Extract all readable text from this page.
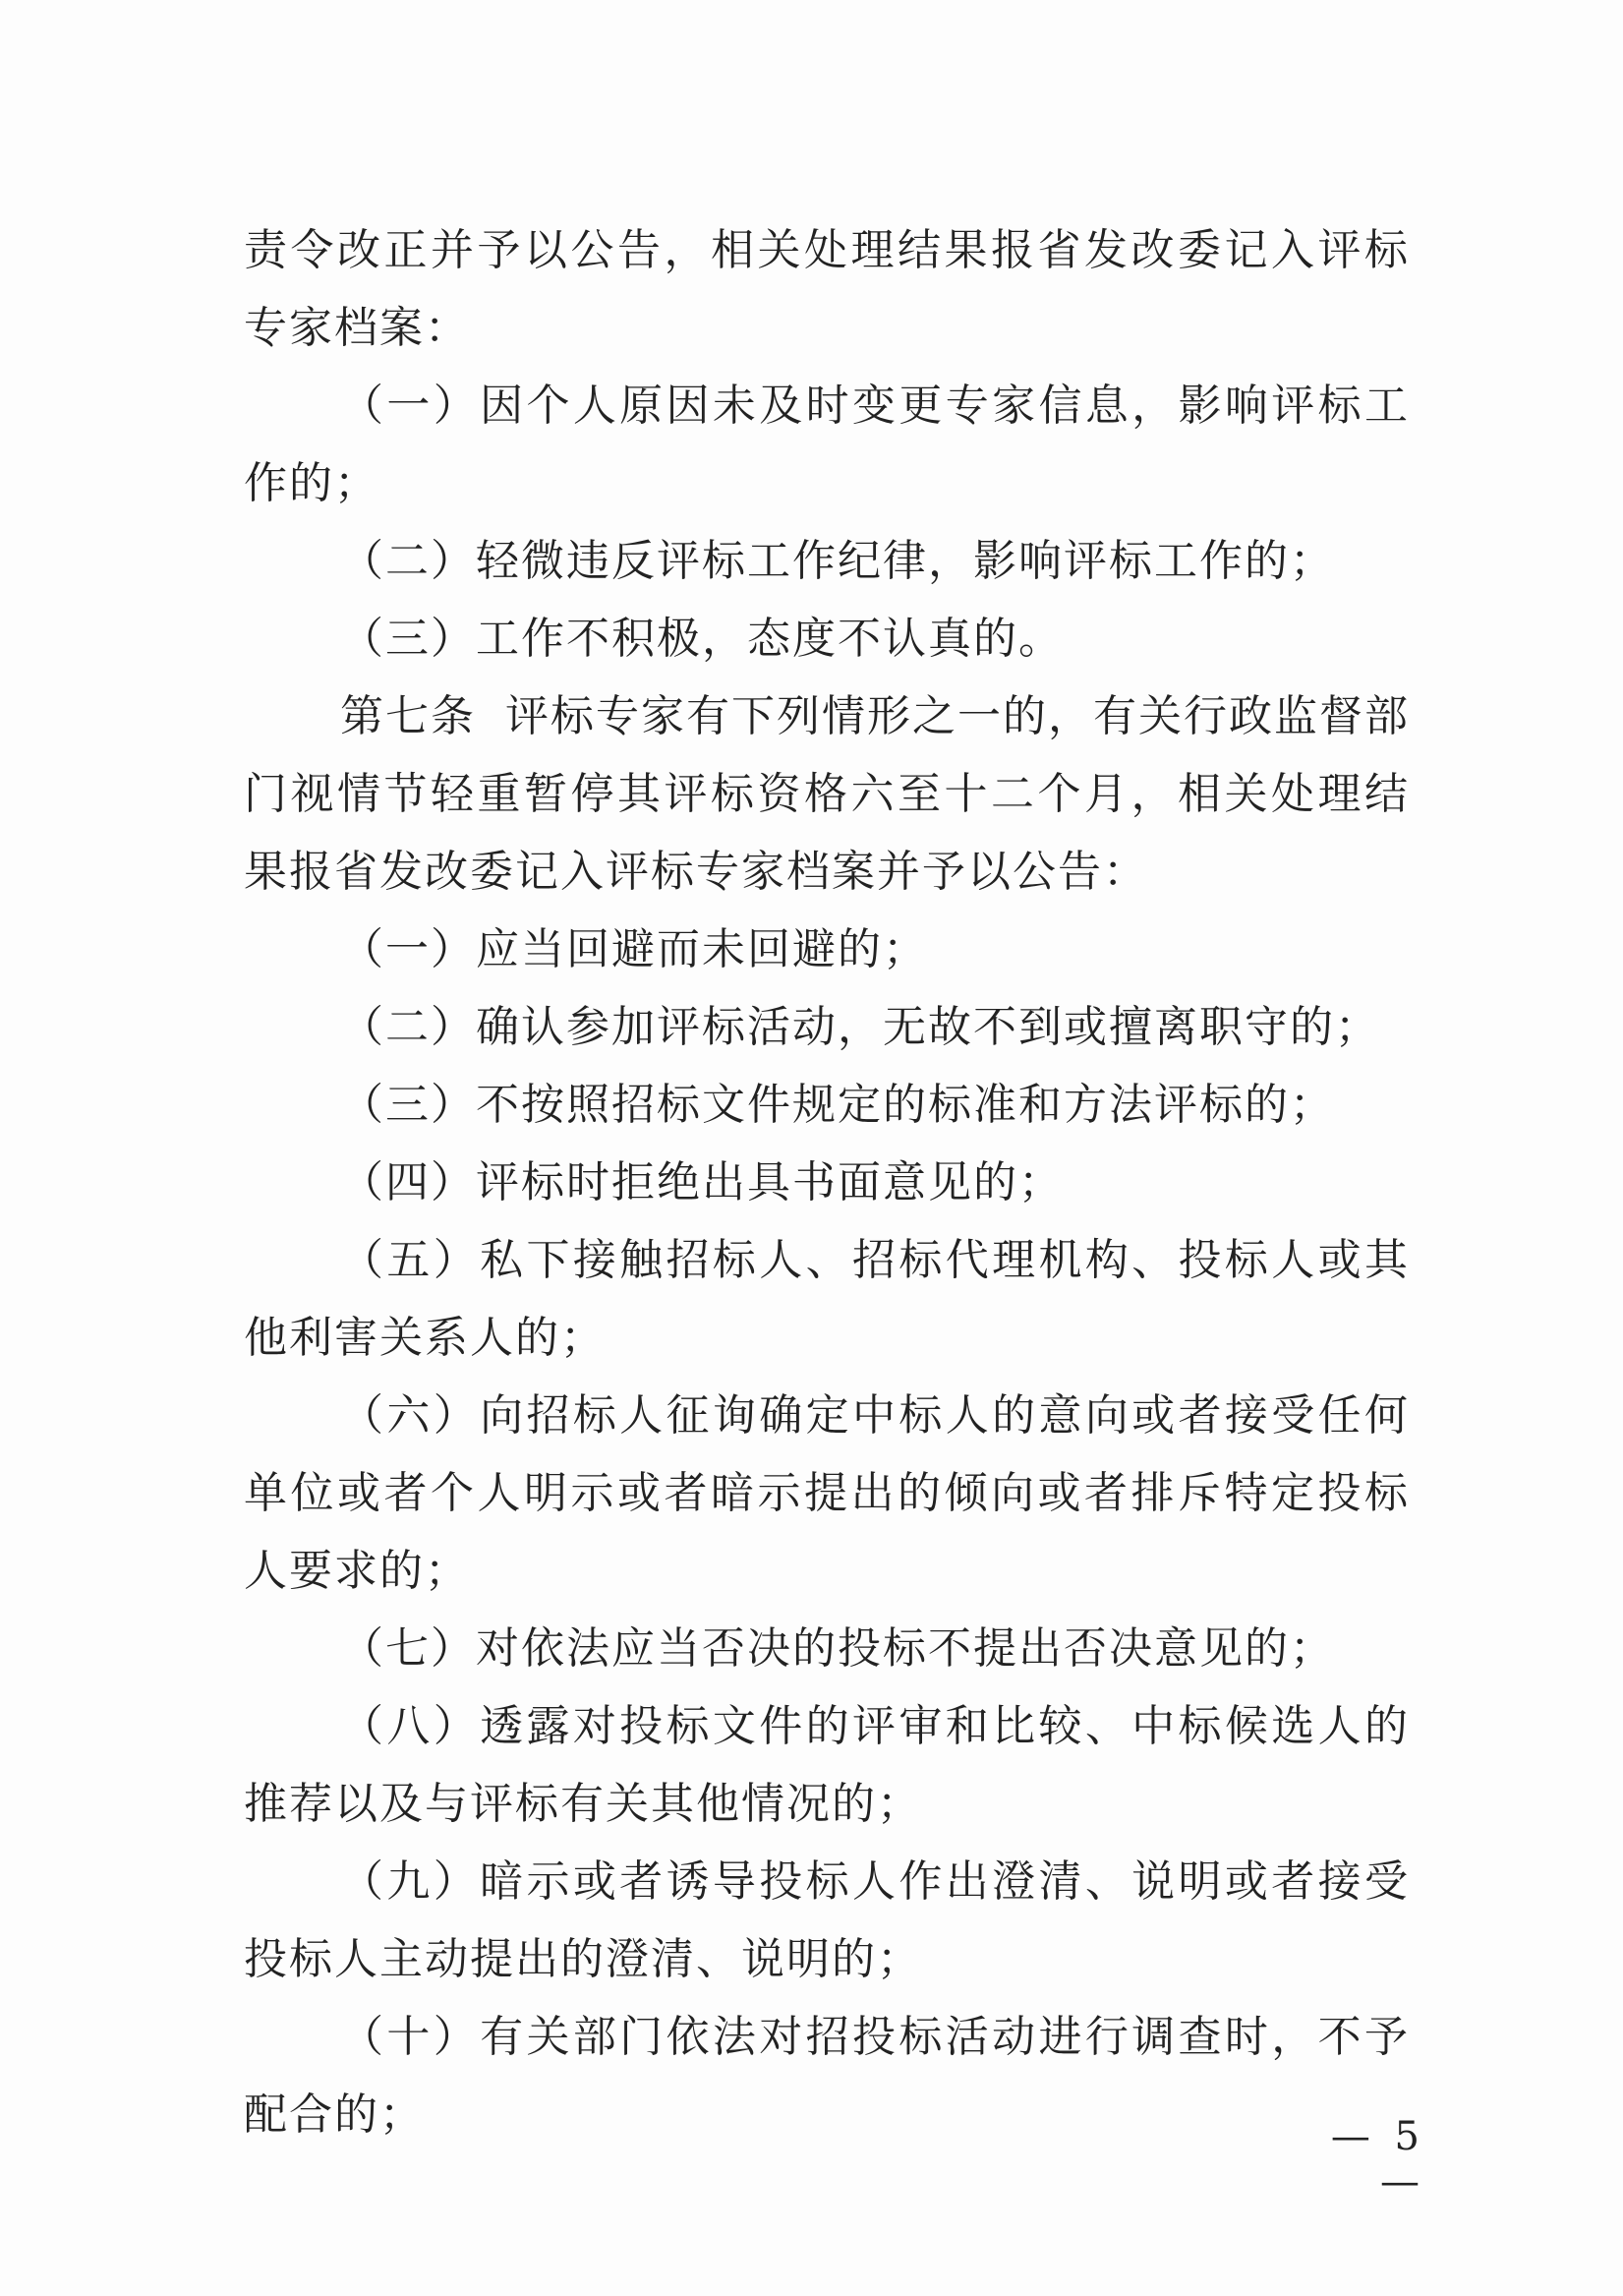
责令改正并予以公告，相关处理结果报省发改委记入评标专家档案：

（一）因个人原因未及时变更专家信息，影响评标工作的；

（二）轻微违反评标工作纪律，影响评标工作的；

（三）工作不积极，态度不认真的。

第七条 评标专家有下列情形之一的，有关行政监督部门视情节轻重暂停其评标资格六至十二个月，相关处理结果报省发改委记入评标专家档案并予以公告：

（一）应当回避而未回避的；

（二）确认参加评标活动，无故不到或擅离职守的；

（三）不按照招标文件规定的标准和方法评标的；

（四）评标时拒绝出具书面意见的；

（五）私下接触招标人、招标代理机构、投标人或其他利害关系人的；

（六）向招标人征询确定中标人的意向或者接受任何单位或者个人明示或者暗示提出的倾向或者排斥特定投标人要求的；

（七）对依法应当否决的投标不提出否决意见的；

（八）透露对投标文件的评审和比较、中标候选人的推荐以及与评标有关其他情况的；

（九）暗示或者诱导投标人作出澄清、说明或者接受投标人主动提出的澄清、说明的；

（十）有关部门依法对招投标活动进行调查时，不予配合的；	— 5 —
